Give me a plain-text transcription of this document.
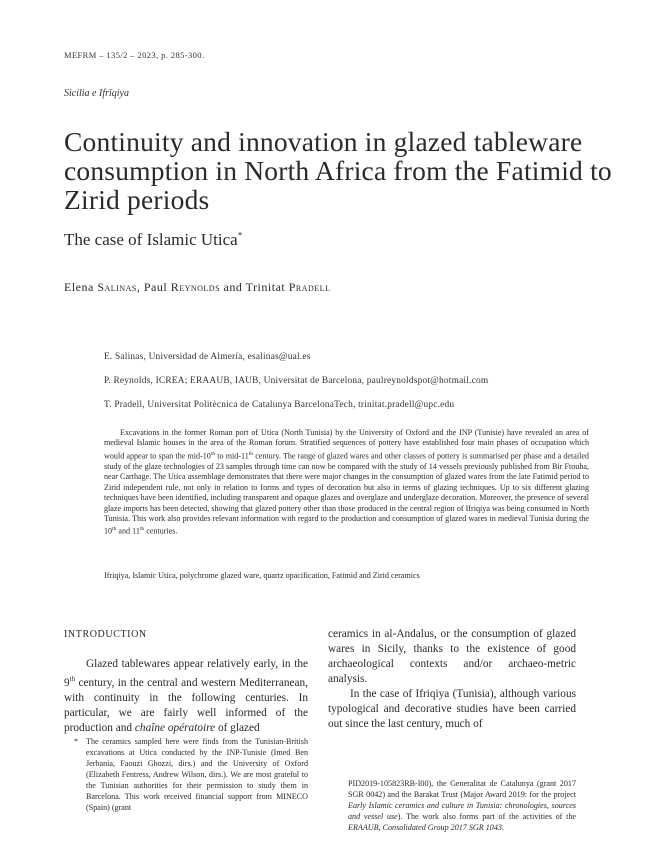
MEFRM – 135/2 – 2023, p. 285-300.
Sicilia e Ifrīqiya
Continuity and innovation in glazed tableware consumption in North Africa from the Fatimid to Zirid periods
The case of Islamic Utica*
Elena Salinas, Paul Reynolds and Trinitat Pradell
E. Salinas, Universidad de Almería, esalinas@ual.es
P. Reynolds, ICREA; ERAAUB, IAUB, Universitat de Barcelona, paulreynoldspot@hotmail.com
T. Pradell, Universitat Politècnica de Catalunya BarcelonaTech, trinitat.pradell@upc.edu

Excavations in the former Roman port of Utica (North Tunisia) by the University of Oxford and the INP (Tunisie) have revealed an area of medieval Islamic houses in the area of the Roman forum. Stratified sequences of pottery have established four main phases of occupation which would appear to span the mid-10th to mid-11th century. The range of glazed wares and other classes of pottery is summarised per phase and a detailed study of the glaze technologies of 23 samples through time can now be compared with the study of 14 vessels previously published from Bir Ftouha, near Carthage. The Utica assemblage demonstrates that there were major changes in the consumption of glazed wares from the late Fatimid period to Zirid independent rule, not only in relation to forms and types of decoration but also in terms of glazing techniques. Up to six different glazing techniques have been identified, including transparent and opaque glazes and overglaze and underglaze decoration. Moreover, the presence of several glaze imports has been detected, showing that glazed pottery other than those produced in the central region of Ifriqiya was being consumed in North Tunisia. This work also provides relevant information with regard to the production and consumption of glazed wares in medieval Tunisia during the 10th and 11th centuries.

Ifriqiya, Islamic Utica, polychrome glazed ware, quartz opacification, Fatimid and Zirid ceramics
INTRODUCTION

Glazed tablewares appear relatively early, in the 9th century, in the central and western Mediterranean, with continuity in the following centuries. In particular, we are fairly well informed of the production and chaîne opératoire of glazed

ceramics in al-Andalus, or the consumption of glazed wares in Sicily, thanks to the existence of good archaeological contexts and/or archaeo-metric analysis.

In the case of Ifriqiya (Tunisia), although various typological and decorative studies have been carried out since the last century, much of

* The ceramics sampled here were finds from the Tunisian-British excavations at Utica conducted by the INP-Tunisie (Imed Ben Jerbania, Faouzi Ghozzi, dirs.) and the University of Oxford (Elizabeth Fentress, Andrew Wilson, dirs.). We are most grateful to the Tunisian authorities for their permission to study them in Barcelona. This work received financial support from MINECO (Spain) (grant
PID2019-105823RB-I00), the Generalitat de Catalunya (grant 2017 SGR 0042) and the Barakat Trust (Major Award 2019: for the project Early Islamic ceramics and culture in Tunisia: chronologies, sources and vessel use). The work also forms part of the activities of the ERAAUB, Consolidated Group 2017 SGR 1043.
